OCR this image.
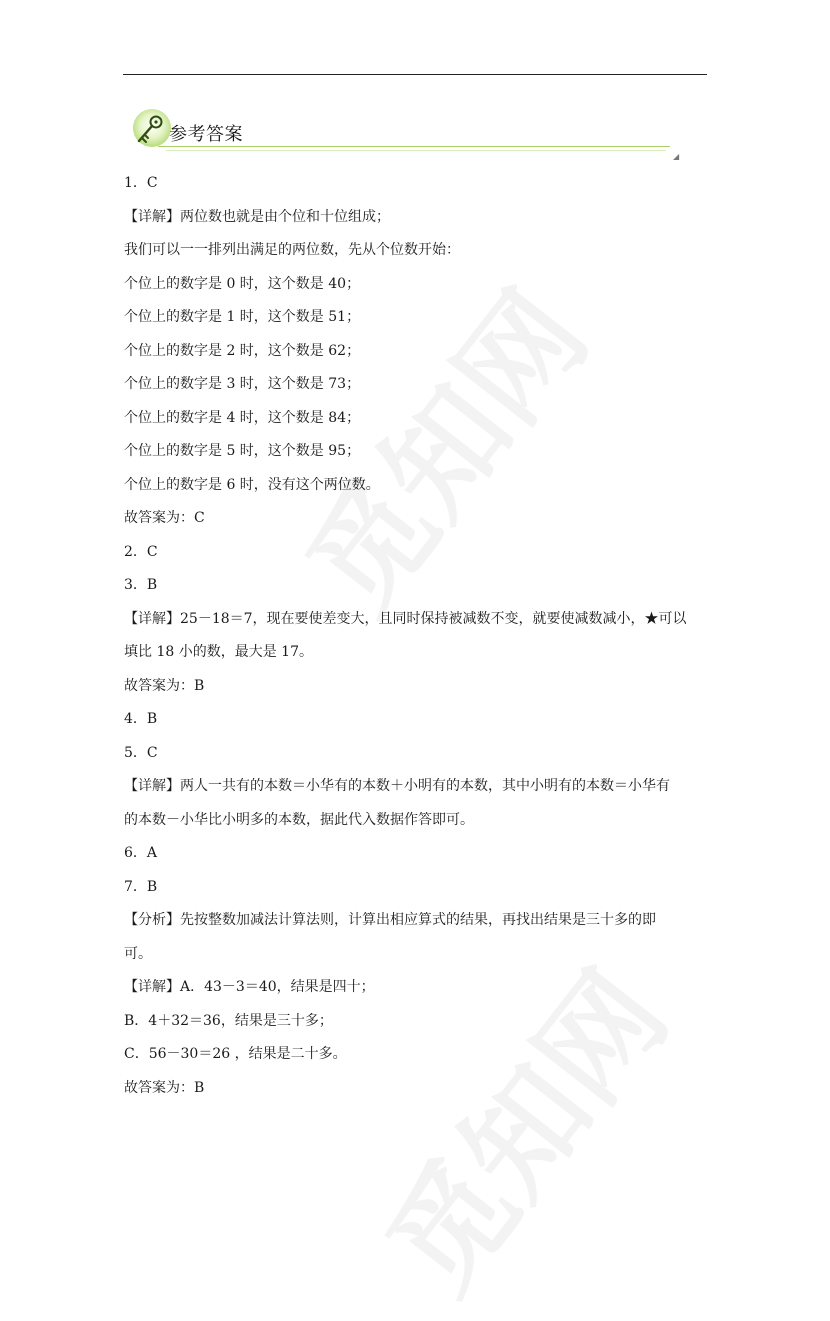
参考答案
◢
1．C
【详解】两位数也就是由个位和十位组成；
我们可以一一排列出满足的两位数，先从个位数开始：
个位上的数字是 0 时，这个数是 40；
个位上的数字是 1 时，这个数是 51；
个位上的数字是 2 时，这个数是 62；
个位上的数字是 3 时，这个数是 73；
个位上的数字是 4 时，这个数是 84；
个位上的数字是 5 时，这个数是 95；
个位上的数字是 6 时，没有这个两位数。
故答案为：C
2．C
3．B
【详解】25－18＝7，现在要使差变大，且同时保持被减数不变，就要使减数减小，★可以
填比 18 小的数，最大是 17。
故答案为：B
4．B
5．C
【详解】两人一共有的本数＝小华有的本数＋小明有的本数，其中小明有的本数＝小华有
的本数－小华比小明多的本数，据此代入数据作答即可。
6．A
7．B
【分析】先按整数加减法计算法则，计算出相应算式的结果，再找出结果是三十多的即
可。
【详解】A．43－3＝40，结果是四十；
B．4＋32＝36，结果是三十多；
C．56－30＝26 ，结果是二十多。
故答案为：B
